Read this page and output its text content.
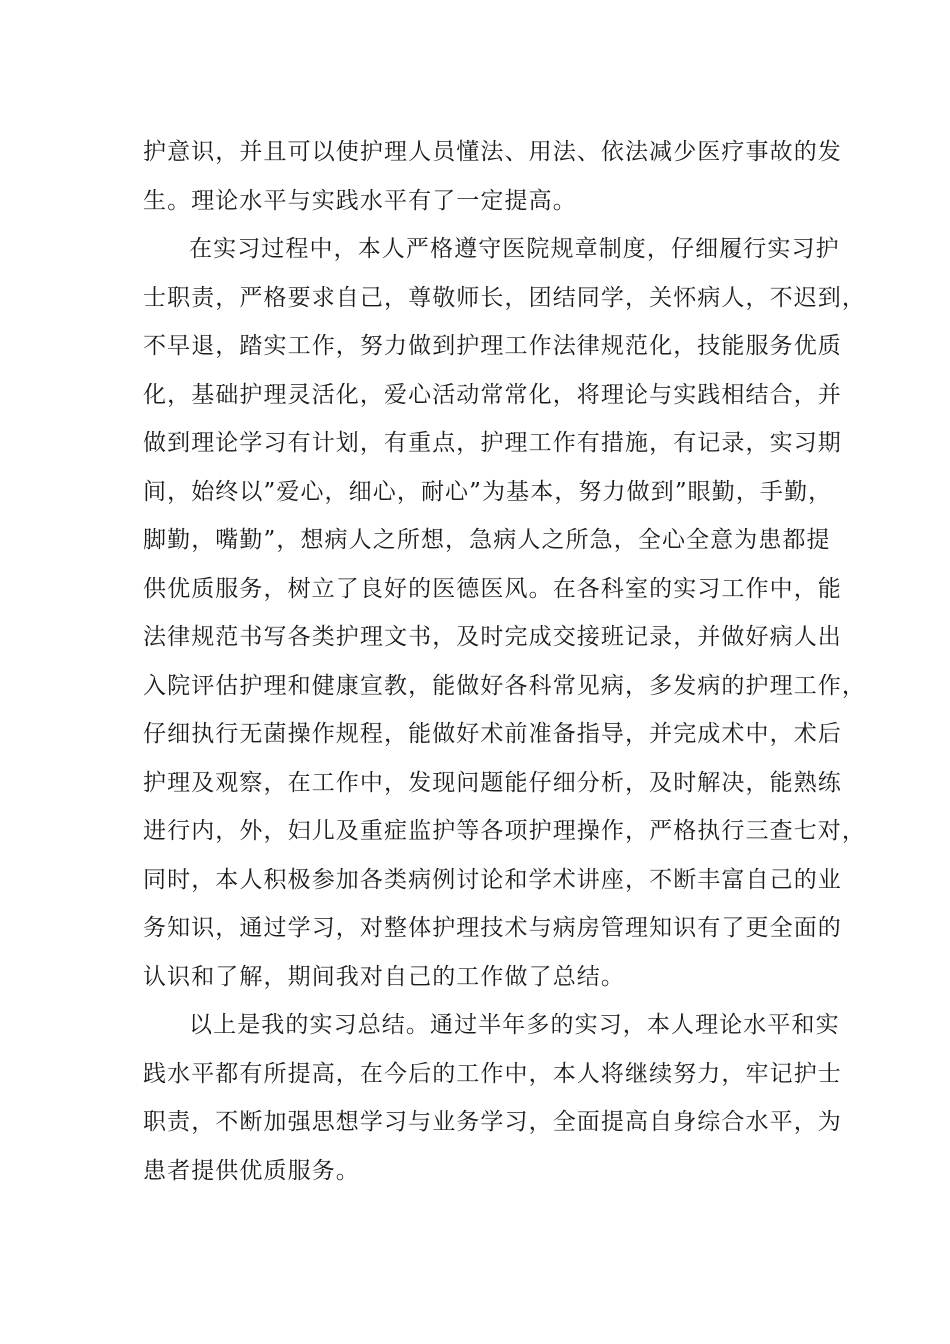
护意识，并且可以使护理人员懂法、用法、依法减少医疗事故的发
生。理论水平与实践水平有了一定提高。

在实习过程中，本人严格遵守医院规章制度，仔细履行实习护
士职责，严格要求自己，尊敬师长，团结同学，关怀病人，不迟到，
不早退，踏实工作，努力做到护理工作法律规范化，技能服务优质
化，基础护理灵活化，爱心活动常常化，将理论与实践相结合，并
做到理论学习有计划，有重点，护理工作有措施，有记录，实习期
间，始终以”爱心，细心，耐心”为基本，努力做到”眼勤，手勤，
脚勤，嘴勤”，想病人之所想，急病人之所急，全心全意为患都提
供优质服务，树立了良好的医德医风。在各科室的实习工作中，能
法律规范书写各类护理文书，及时完成交接班记录，并做好病人出
入院评估护理和健康宣教，能做好各科常见病，多发病的护理工作，
仔细执行无菌操作规程，能做好术前准备指导，并完成术中，术后
护理及观察，在工作中，发现问题能仔细分析，及时解决，能熟练
进行内，外，妇儿及重症监护等各项护理操作，严格执行三查七对，
同时，本人积极参加各类病例讨论和学术讲座，不断丰富自己的业
务知识，通过学习，对整体护理技术与病房管理知识有了更全面的
认识和了解，期间我对自己的工作做了总结。

以上是我的实习总结。通过半年多的实习，本人理论水平和实
践水平都有所提高，在今后的工作中，本人将继续努力，牢记护士
职责，不断加强思想学习与业务学习，全面提高自身综合水平，为
患者提供优质服务。
